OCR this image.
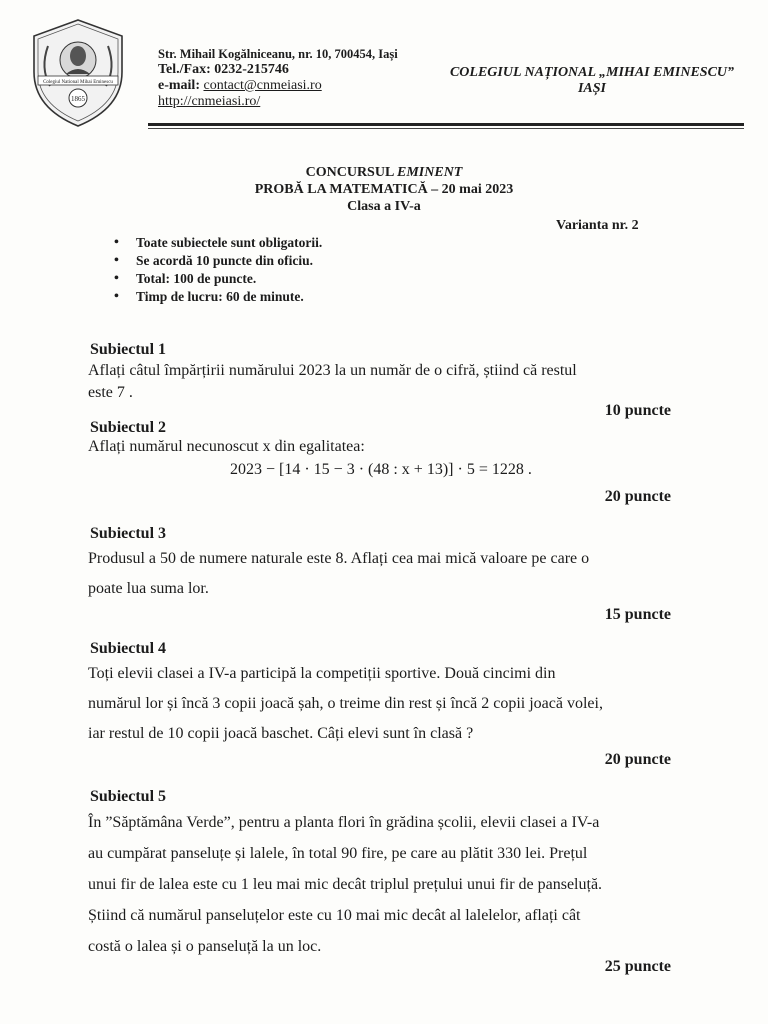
Colegiul National Mihai Eminescu
1865
Str. Mihail Kogălniceanu, nr. 10, 700454, Iași
Tel./Fax: 0232-215746
e-mail: contact@cnmeiasi.ro
http://cnmeiasi.ro/
COLEGIUL NAȚIONAL „MIHAI EMINESCU”
IAȘI
CONCURSUL EMINENT
PROBĂ LA MATEMATICĂ – 20 mai 2023
Clasa a IV-a
Varianta nr. 2
• Toate subiectele sunt obligatorii.
• Se acordă 10 puncte din oficiu.
• Total: 100 de puncte.
• Timp de lucru: 60 de minute.
Subiectul 1
Aflați câtul împărțirii numărului 2023 la un număr de o cifră, știind că restul
este 7 .
10 puncte
Subiectul 2
Aflați numărul necunoscut x din egalitatea:
2023 − [14 · 15 − 3 · (48 : x + 13)] · 5 = 1228 .
20 puncte
Subiectul 3
Produsul a 50 de numere naturale este 8. Aflați cea mai mică valoare pe care o
poate lua suma lor.
15 puncte
Subiectul 4
Toți elevii clasei a IV-a participă la competiții sportive. Două cincimi din
numărul lor și încă 3 copii joacă șah, o treime din rest și încă 2 copii joacă volei,
iar restul de 10 copii joacă baschet. Câți elevi sunt în clasă ?
20 puncte
Subiectul 5
În ”Săptămâna Verde”, pentru a planta flori în grădina școlii, elevii clasei a IV-a
au cumpărat panseluțe și lalele, în total 90 fire, pe care au plătit 330 lei. Prețul
unui fir de lalea este cu 1 leu mai mic decât triplul prețului unui fir de panseluță.
Știind că numărul panseluțelor este cu 10 mai mic decât al lalelelor, aflați cât
costă o lalea și o panseluță la un loc.
25 puncte
